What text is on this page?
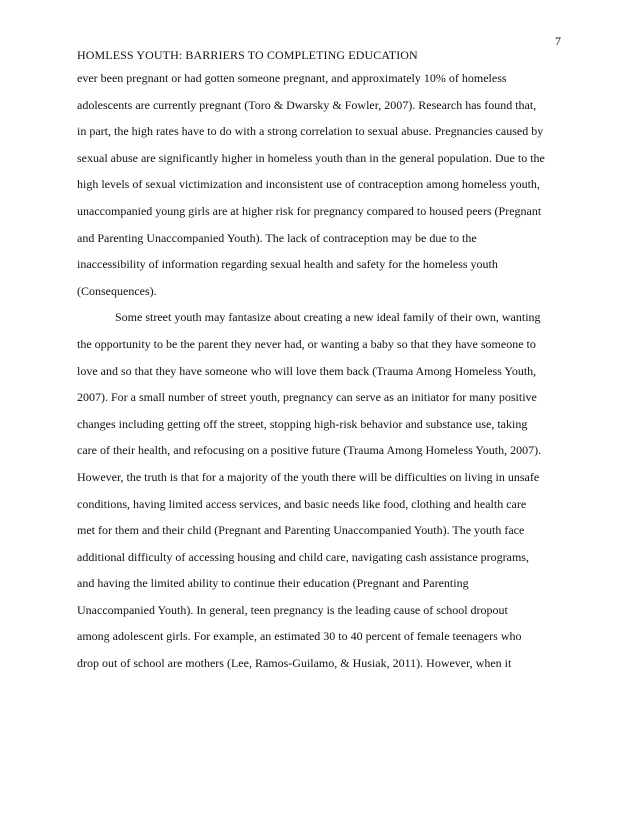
7
HOMLESS YOUTH: BARRIERS TO COMPLETING EDUCATION
ever been pregnant or had gotten someone pregnant, and approximately 10% of homeless
adolescents are currently pregnant (Toro & Dwarsky & Fowler, 2007). Research has found that,
in part, the high rates have to do with a strong correlation to sexual abuse. Pregnancies caused by
sexual abuse are significantly higher in homeless youth than in the general population. Due to the
high levels of sexual victimization and inconsistent use of contraception among homeless youth,
unaccompanied young girls are at higher risk for pregnancy compared to housed peers (Pregnant
and Parenting Unaccompanied Youth). The lack of contraception may be due to the
inaccessibility of information regarding sexual health and safety for the homeless youth
(Consequences).
Some street youth may fantasize about creating a new ideal family of their own, wanting
the opportunity to be the parent they never had, or wanting a baby so that they have someone to
love and so that they have someone who will love them back (Trauma Among Homeless Youth,
2007). For a small number of street youth, pregnancy can serve as an initiator for many positive
changes including getting off the street, stopping high-risk behavior and substance use, taking
care of their health, and refocusing on a positive future (Trauma Among Homeless Youth, 2007).
However, the truth is that for a majority of the youth there will be difficulties on living in unsafe
conditions, having limited access services, and basic needs like food, clothing and health care
met for them and their child (Pregnant and Parenting Unaccompanied Youth). The youth face
additional difficulty of accessing housing and child care, navigating cash assistance programs,
and having the limited ability to continue their education (Pregnant and Parenting
Unaccompanied Youth). In general, teen pregnancy is the leading cause of school dropout
among adolescent girls. For example, an estimated 30 to 40 percent of female teenagers who
drop out of school are mothers (Lee, Ramos-Guilamo, & Husiak, 2011). However, when it
